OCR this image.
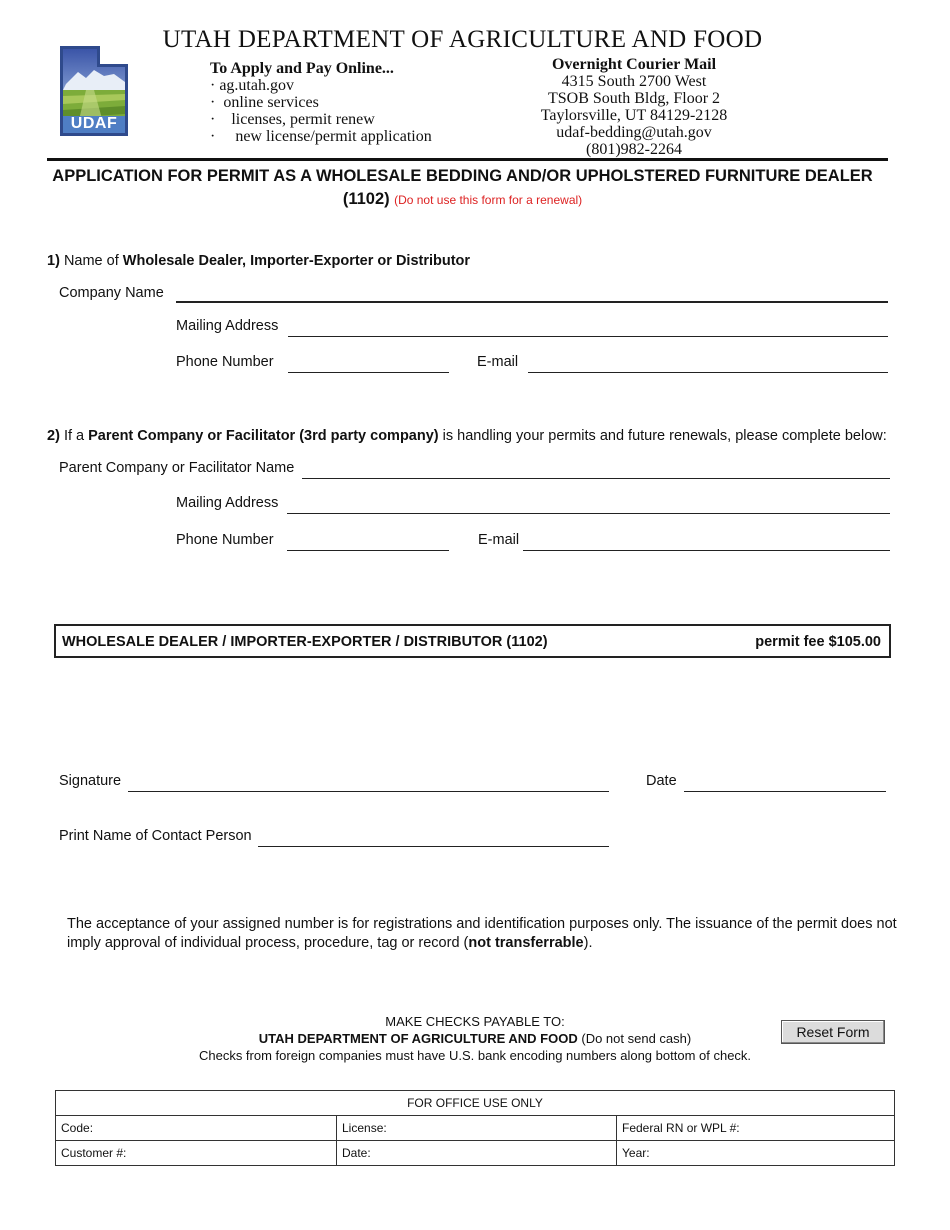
UDAF
UTAH DEPARTMENT OF AGRICULTURE AND FOOD
To Apply and Pay Online...
· ag.utah.gov
·  online services
·    licenses, permit renew
·     new license/permit application
Overnight Courier Mail
4315 South 2700 West
TSOB South Bldg, Floor 2
Taylorsville, UT 84129-2128
udaf-bedding@utah.gov
(801)982-2264
APPLICATION FOR PERMIT AS A WHOLESALE BEDDING AND/OR UPHOLSTERED FURNITURE DEALER
(1102) (Do not use this form for a renewal)
1) Name of Wholesale Dealer, Importer-Exporter or Distributor
Company Name
Mailing Address
Phone Number	E-mail
2) If a Parent Company or Facilitator (3rd party company) is handling your permits and future renewals, please complete below:
Parent Company or Facilitator Name
Mailing Address
Phone Number	E-mail
WHOLESALE DEALER / IMPORTER-EXPORTER / DISTRIBUTOR (1102)	permit fee $105.00
Signature	Date
Print Name of Contact Person
The acceptance of your assigned number is for registrations and identification purposes only. The issuance of the permit does not imply approval of individual process, procedure, tag or record (not transferrable).
MAKE CHECKS PAYABLE TO:
UTAH DEPARTMENT OF AGRICULTURE AND FOOD (Do not send cash)
Checks from foreign companies must have U.S. bank encoding numbers along bottom of check.
Reset Form
FOR OFFICE USE ONLY		
Code:	License:	Federal RN or WPL #:
Customer #:	Date:	Year:
